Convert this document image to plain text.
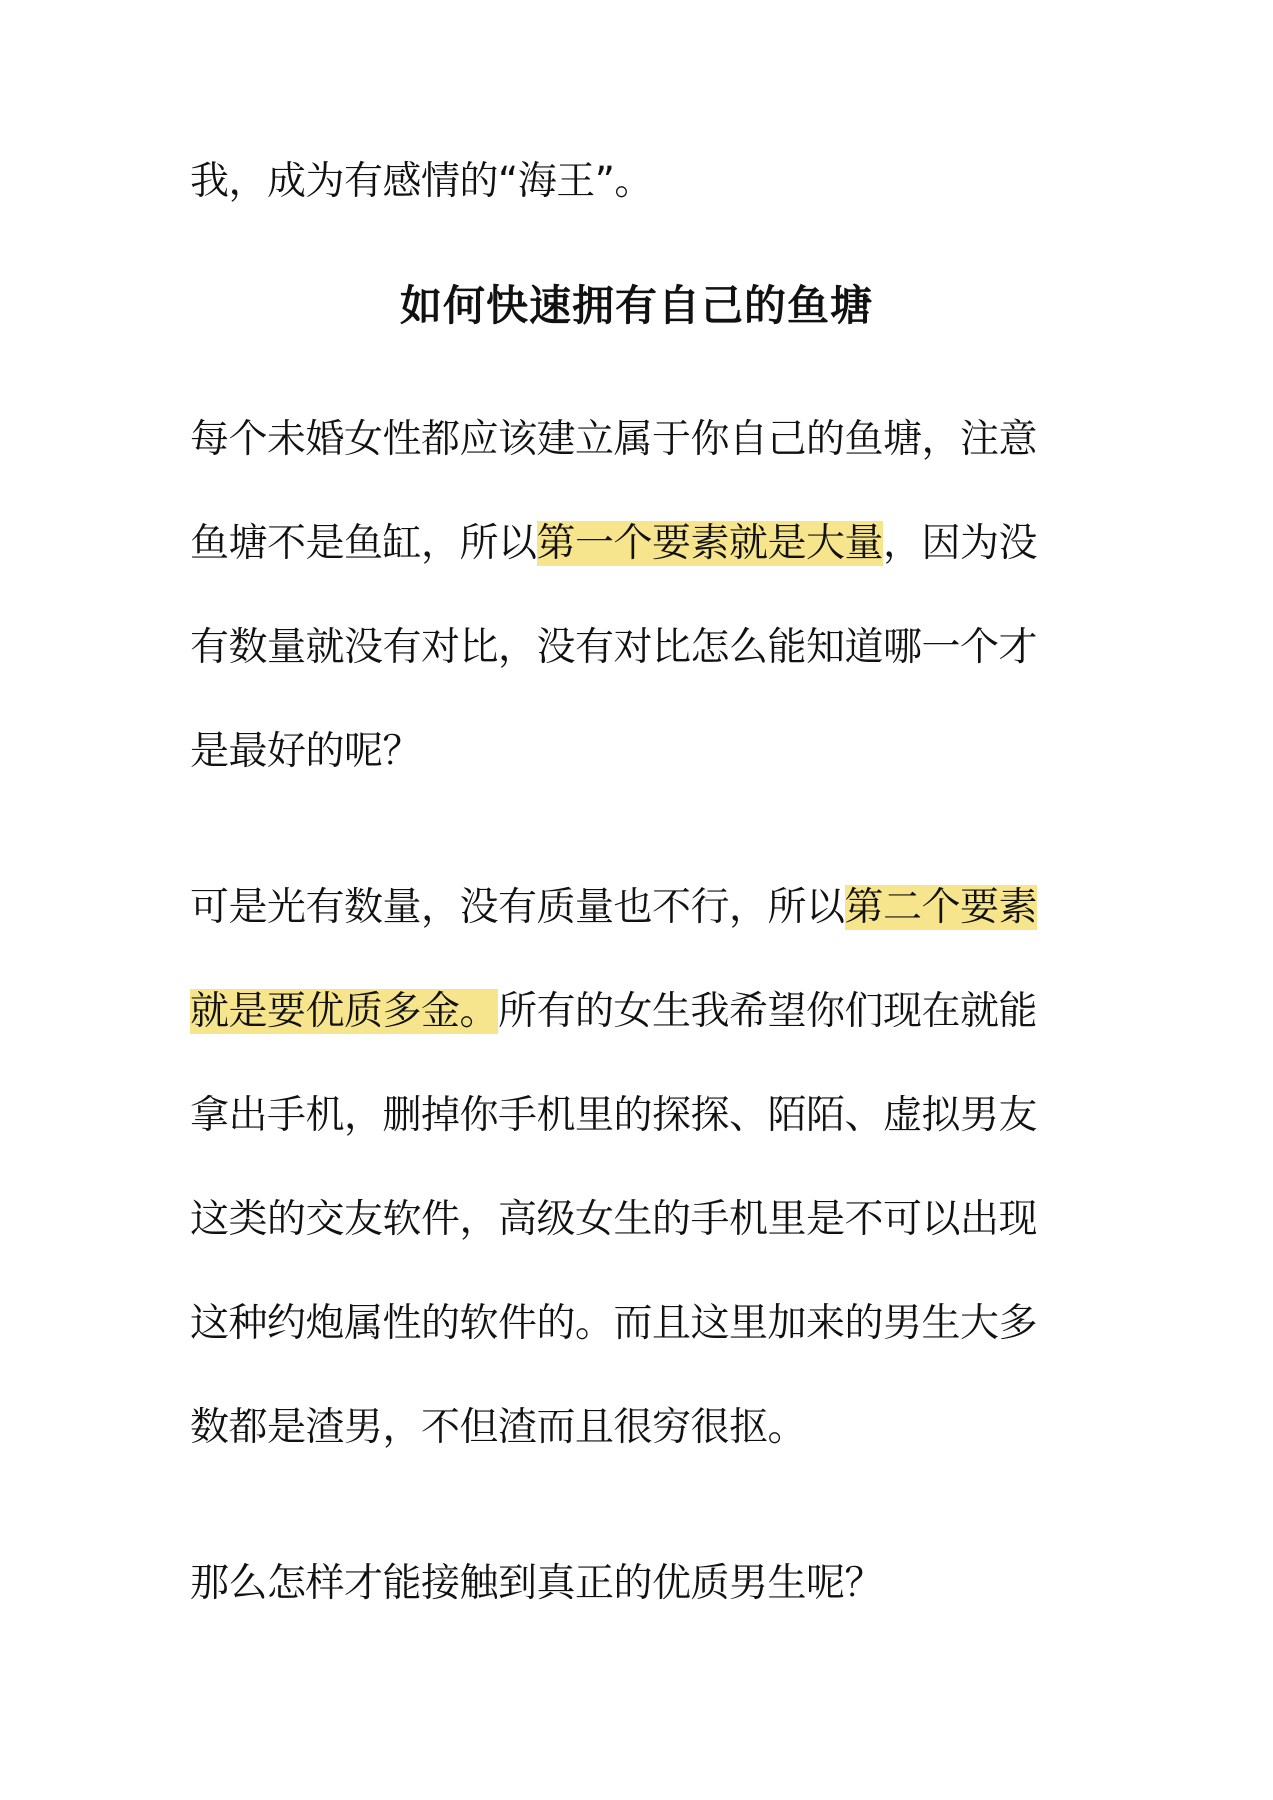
我，成为有感情的“海王”。
如何快速拥有自己的鱼塘
每个未婚女性都应该建立属于你自己的鱼塘，注意
鱼塘不是鱼缸，所以第一个要素就是大量，因为没
有数量就没有对比，没有对比怎么能知道哪一个才
是最好的呢？
可是光有数量，没有质量也不行，所以第二个要素
就是要优质多金。所有的女生我希望你们现在就能
拿出手机，删掉你手机里的探探、陌陌、虚拟男友
这类的交友软件，高级女生的手机里是不可以出现
这种约炮属性的软件的。而且这里加来的男生大多
数都是渣男，不但渣而且很穷很抠。
那么怎样才能接触到真正的优质男生呢？
